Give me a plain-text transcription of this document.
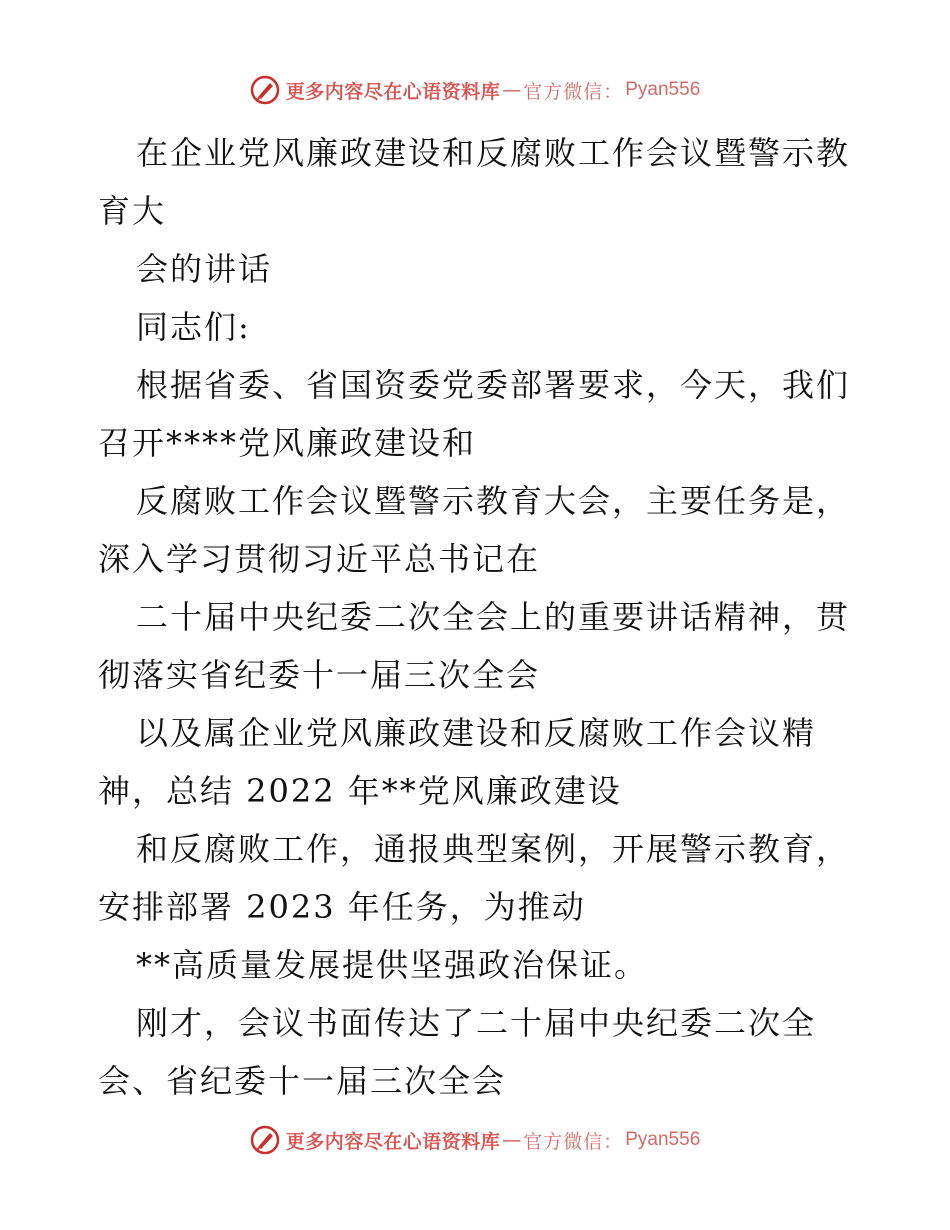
更多内容尽在心语资料库 — 官方微信： Pyan556
在企业党风廉政建设和反腐败工作会议暨警示教
育大
会的讲话
同志们:
根据省委、省国资委党委部署要求，今天，我们
召开****党风廉政建设和
反腐败工作会议暨警示教育大会，主要任务是，
深入学习贯彻习近平总书记在
二十届中央纪委二次全会上的重要讲话精神，贯
彻落实省纪委十一届三次全会
以及属企业党风廉政建设和反腐败工作会议精
神，总结 2022 年**党风廉政建设
和反腐败工作，通报典型案例，开展警示教育，
安排部署 2023 年任务，为推动
**高质量发展提供坚强政治保证。
刚才，会议书面传达了二十届中央纪委二次全
会、省纪委十一届三次全会
更多内容尽在心语资料库 — 官方微信： Pyan556
